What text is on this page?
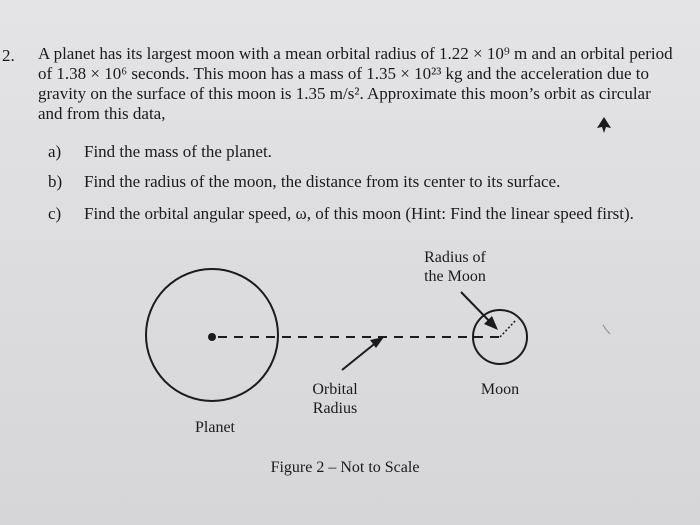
2. A planet has its largest moon with a mean orbital radius of 1.22 × 10⁹ m and an orbital period
of 1.38 × 10⁶ seconds. This moon has a mass of 1.35 × 10²³ kg and the acceleration due to
gravity on the surface of this moon is 1.35 m/s². Approximate this moon’s orbit as circular
and from this data,
a) Find the mass of the planet.
b) Find the radius of the moon, the distance from its center to its surface.
c) Find the orbital angular speed, ω, of this moon (Hint: Find the linear speed first).
Radius of
the Moon
Orbital
Radius
Moon
Planet
Figure 2 – Not to Scale
